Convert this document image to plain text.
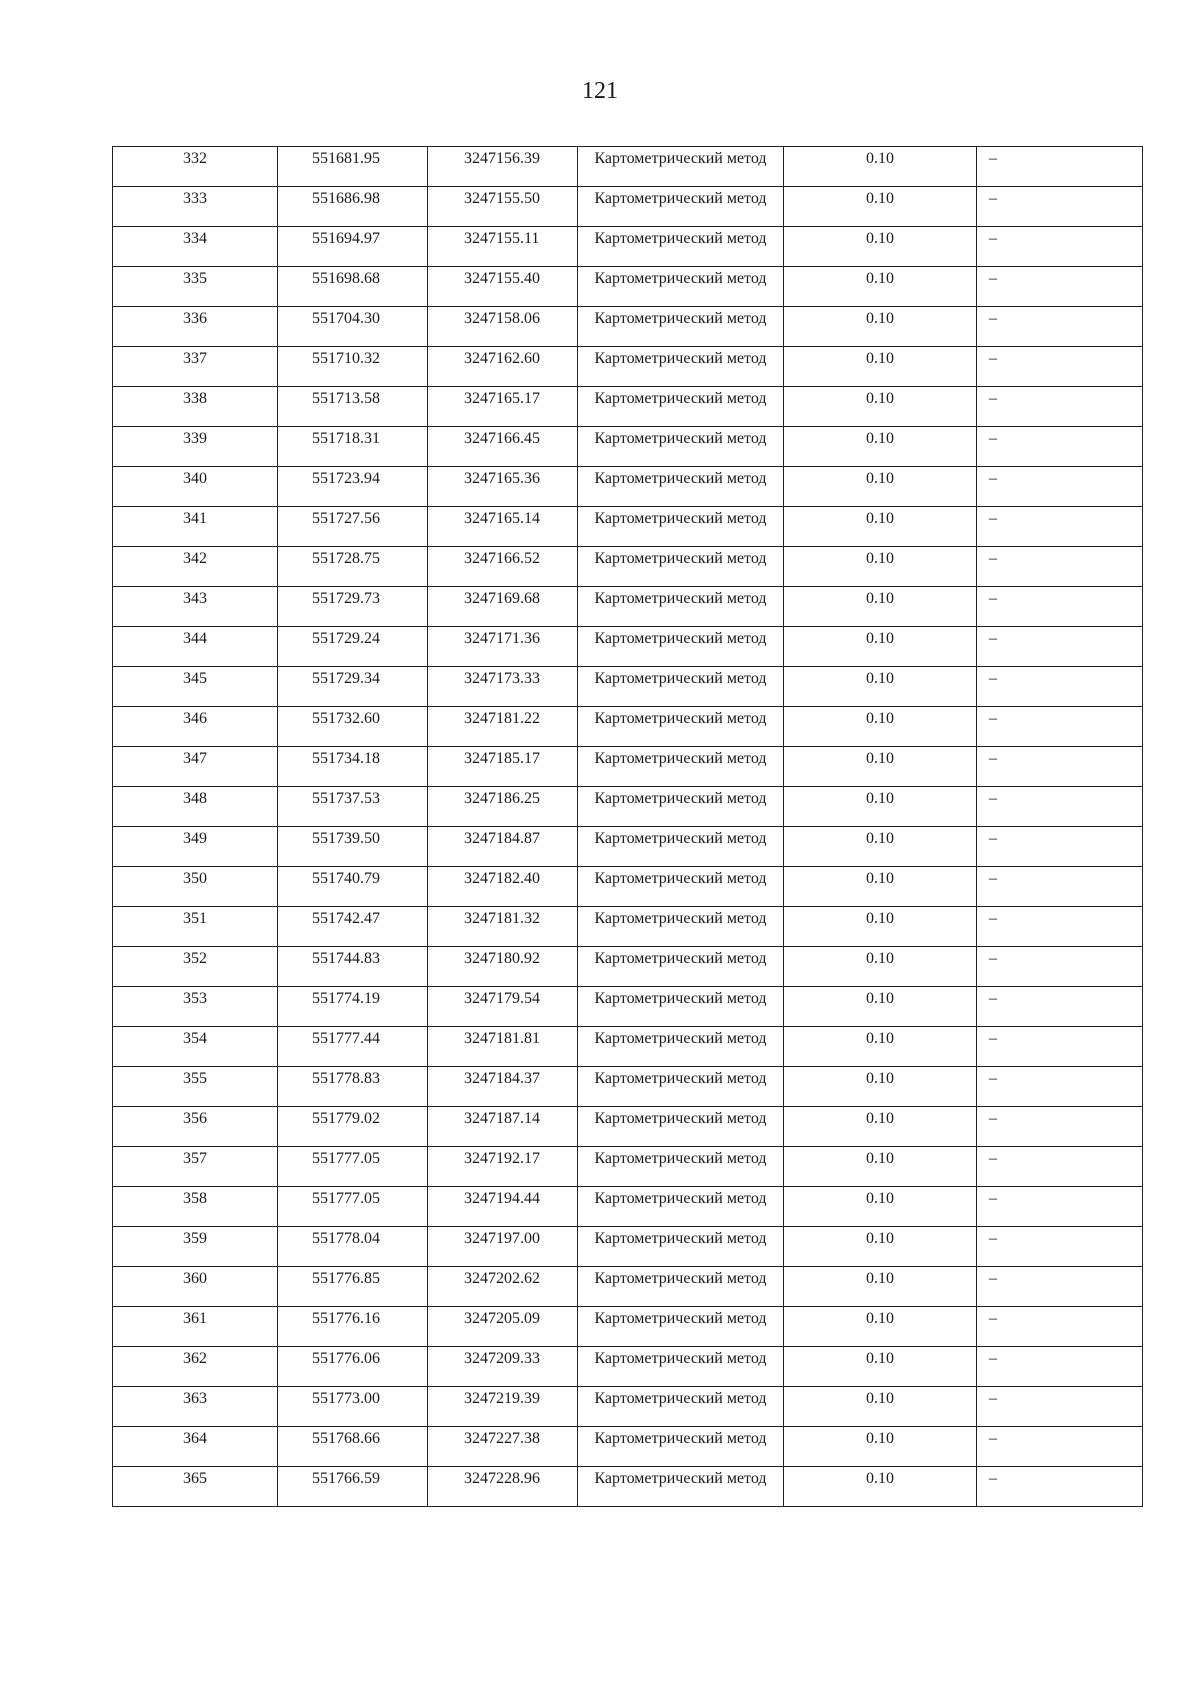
121
332	551681.95	3247156.39	Картометрический метод	0.10	–

333	551686.98	3247155.50	Картометрический метод	0.10	–

334	551694.97	3247155.11	Картометрический метод	0.10	–

335	551698.68	3247155.40	Картометрический метод	0.10	–

336	551704.30	3247158.06	Картометрический метод	0.10	–

337	551710.32	3247162.60	Картометрический метод	0.10	–

338	551713.58	3247165.17	Картометрический метод	0.10	–

339	551718.31	3247166.45	Картометрический метод	0.10	–

340	551723.94	3247165.36	Картометрический метод	0.10	–

341	551727.56	3247165.14	Картометрический метод	0.10	–

342	551728.75	3247166.52	Картометрический метод	0.10	–

343	551729.73	3247169.68	Картометрический метод	0.10	–

344	551729.24	3247171.36	Картометрический метод	0.10	–

345	551729.34	3247173.33	Картометрический метод	0.10	–

346	551732.60	3247181.22	Картометрический метод	0.10	–

347	551734.18	3247185.17	Картометрический метод	0.10	–

348	551737.53	3247186.25	Картометрический метод	0.10	–

349	551739.50	3247184.87	Картометрический метод	0.10	–

350	551740.79	3247182.40	Картометрический метод	0.10	–

351	551742.47	3247181.32	Картометрический метод	0.10	–

352	551744.83	3247180.92	Картометрический метод	0.10	–

353	551774.19	3247179.54	Картометрический метод	0.10	–

354	551777.44	3247181.81	Картометрический метод	0.10	–

355	551778.83	3247184.37	Картометрический метод	0.10	–

356	551779.02	3247187.14	Картометрический метод	0.10	–

357	551777.05	3247192.17	Картометрический метод	0.10	–

358	551777.05	3247194.44	Картометрический метод	0.10	–

359	551778.04	3247197.00	Картометрический метод	0.10	–

360	551776.85	3247202.62	Картометрический метод	0.10	–

361	551776.16	3247205.09	Картометрический метод	0.10	–

362	551776.06	3247209.33	Картометрический метод	0.10	–

363	551773.00	3247219.39	Картометрический метод	0.10	–

364	551768.66	3247227.38	Картометрический метод	0.10	–

365	551766.59	3247228.96	Картометрический метод	0.10	–
